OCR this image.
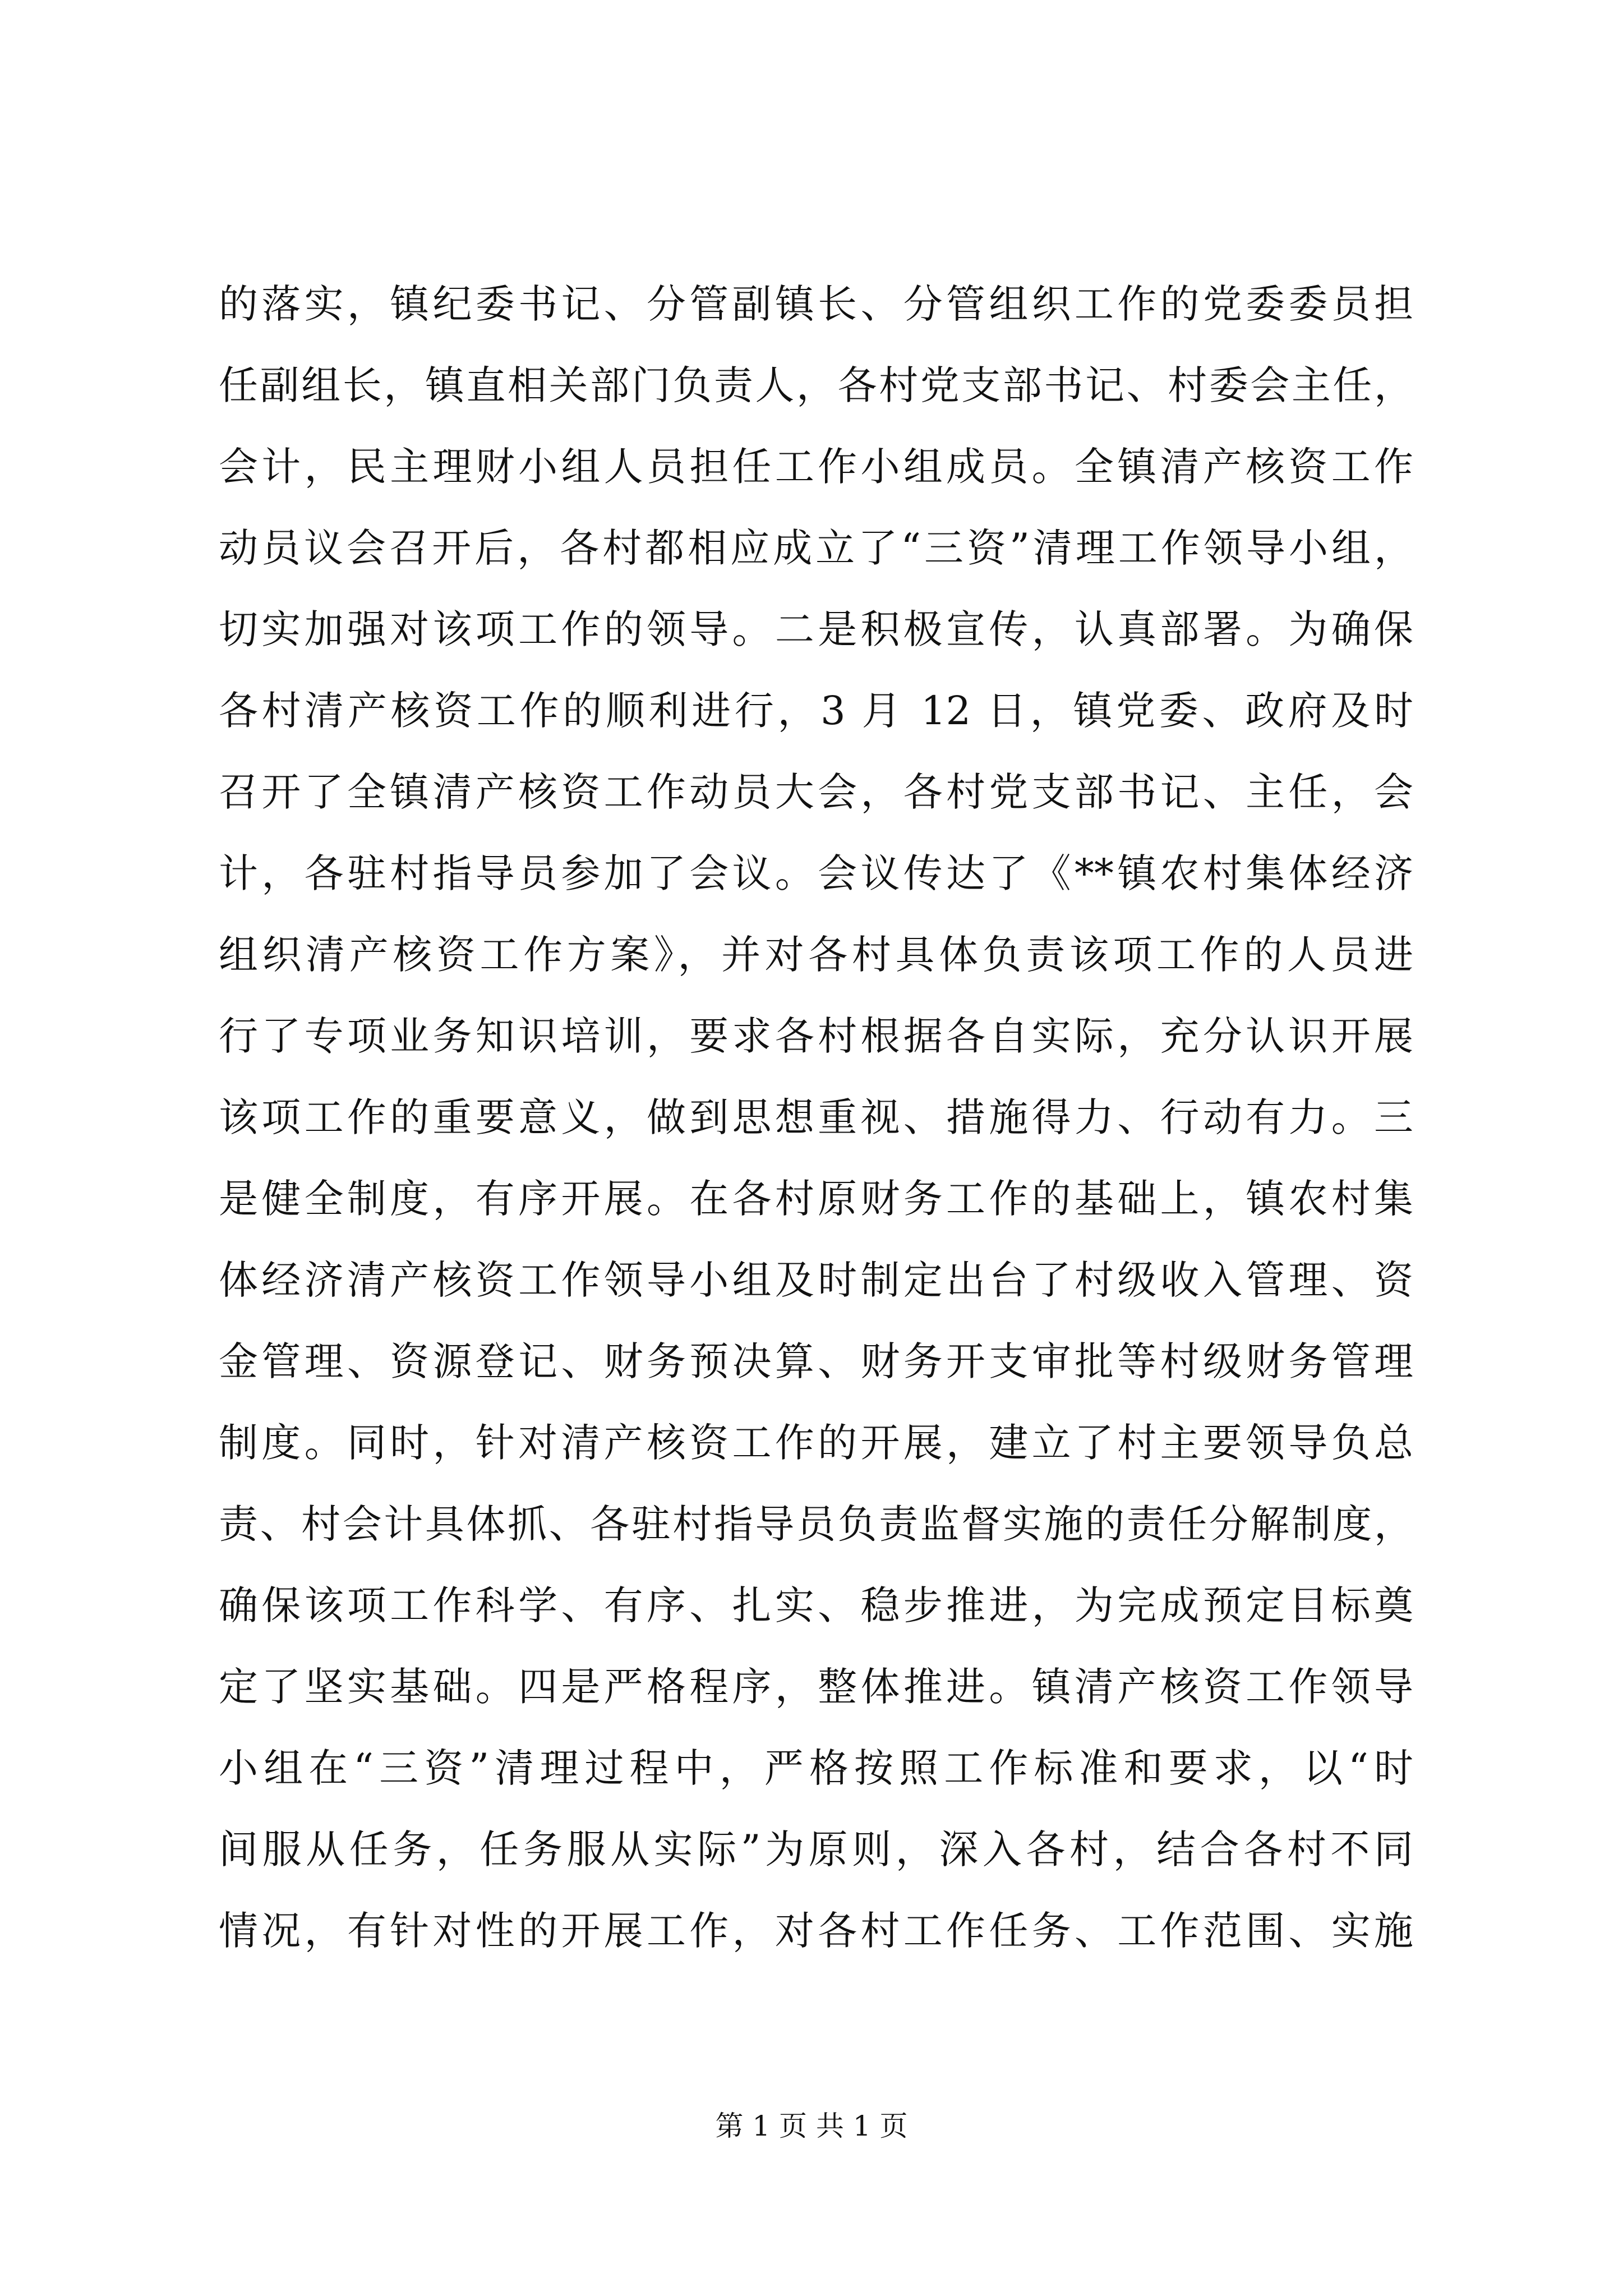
的落实，镇纪委书记、分管副镇长、分管组织工作的党委委员担
任副组长，镇直相关部门负责人，各村党支部书记、村委会主任，
会计，民主理财小组人员担任工作小组成员。全镇清产核资工作
动员议会召开后，各村都相应成立了“三资”清理工作领导小组，
切实加强对该项工作的领导。二是积极宣传，认真部署。为确保
各村清产核资工作的顺利进行，3 月 12 日，镇党委、政府及时
召开了全镇清产核资工作动员大会，各村党支部书记、主任，会
计，各驻村指导员参加了会议。会议传达了《**镇农村集体经济
组织清产核资工作方案》，并对各村具体负责该项工作的人员进
行了专项业务知识培训，要求各村根据各自实际，充分认识开展
该项工作的重要意义，做到思想重视、措施得力、行动有力。三
是健全制度，有序开展。在各村原财务工作的基础上，镇农村集
体经济清产核资工作领导小组及时制定出台了村级收入管理、资
金管理、资源登记、财务预决算、财务开支审批等村级财务管理
制度。同时，针对清产核资工作的开展，建立了村主要领导负总
责、村会计具体抓、各驻村指导员负责监督实施的责任分解制度，
确保该项工作科学、有序、扎实、稳步推进，为完成预定目标奠
定了坚实基础。四是严格程序，整体推进。镇清产核资工作领导
小组在“三资”清理过程中，严格按照工作标准和要求，以“时
间服从任务，任务服从实际”为原则，深入各村，结合各村不同
情况，有针对性的开展工作，对各村工作任务、工作范围、实施
第 1 页 共 1 页
